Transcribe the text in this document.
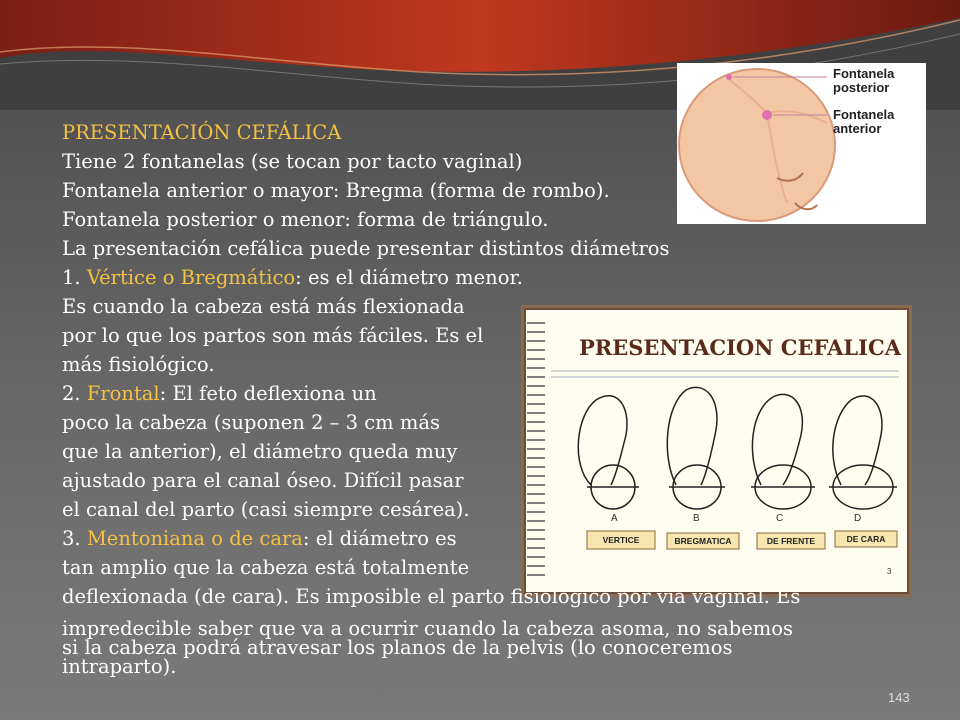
Fontanela
posterior
Fontanela
anterior
PRESENTACION CEFALICA
A	B	C	D
VERTICE	BREGMATICA	DE FRENTE	DE CARA
3
PRESENTACIÓN CEFÁLICA
Tiene 2 fontanelas (se tocan por tacto vaginal)
Fontanela anterior o mayor: Bregma (forma de rombo).
Fontanela posterior o menor: forma de triángulo.
La presentación cefálica puede presentar distintos diámetros
1. Vértice o Bregmático: es el diámetro menor.
Es cuando la cabeza está más flexionada
por lo que los partos son más fáciles. Es el
más fisiológico.
2. Frontal: El feto deflexiona un
poco la cabeza (suponen 2 – 3 cm más
que la anterior), el diámetro queda muy
ajustado para el canal óseo. Difícil pasar
el canal del parto (casi siempre cesárea).
3. Mentoniana o de cara: el diámetro es
tan amplio que la cabeza está totalmente
deflexionada (de cara). Es imposible el parto fisiológico por vía vaginal. Es
impredecible saber que va a ocurrir cuando la cabeza asoma, no sabemos
si la cabeza podrá atravesar los planos de la pelvis (lo conoceremos
intraparto).
143
